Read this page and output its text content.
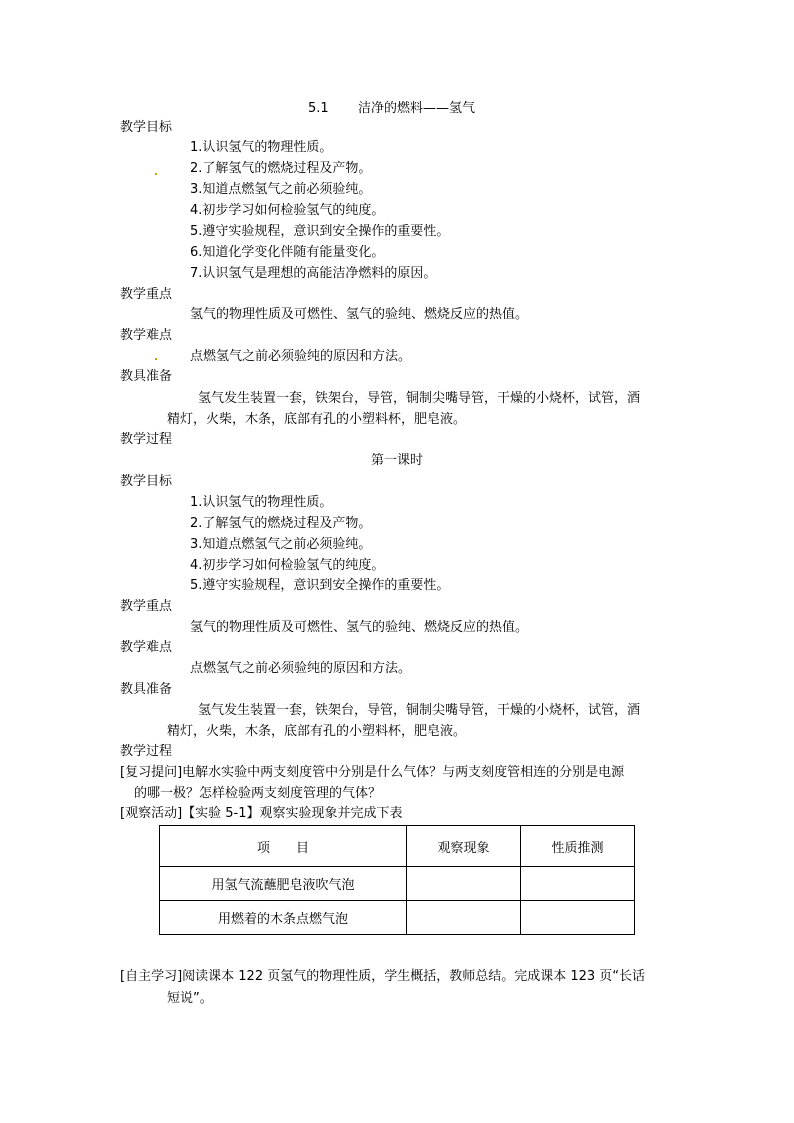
5.1 洁净的燃料——氢气
教学目标
1.认识氢气的物理性质。
2.了解氢气的燃烧过程及产物。
3.知道点燃氢气之前必须验纯。
4.初步学习如何检验氢气的纯度。
5.遵守实验规程，意识到安全操作的重要性。
6.知道化学变化伴随有能量变化。
7.认识氢气是理想的高能洁净燃料的原因。
教学重点
氢气的物理性质及可燃性、氢气的验纯、燃烧反应的热值。
教学难点
点燃氢气之前必须验纯的原因和方法。
教具准备
氢气发生装置一套，铁架台，导管，铜制尖嘴导管，干燥的小烧杯，试管，酒
精灯，火柴，木条，底部有孔的小塑料杯，肥皂液。
教学过程
第一课时
教学目标
1.认识氢气的物理性质。
2.了解氢气的燃烧过程及产物。
3.知道点燃氢气之前必须验纯。
4.初步学习如何检验氢气的纯度。
5.遵守实验规程，意识到安全操作的重要性。
教学重点
氢气的物理性质及可燃性、氢气的验纯、燃烧反应的热值。
教学难点
点燃氢气之前必须验纯的原因和方法。
教具准备
氢气发生装置一套，铁架台，导管，铜制尖嘴导管，干燥的小烧杯，试管，酒
精灯，火柴，木条，底部有孔的小塑料杯，肥皂液。
教学过程
[复习提问]电解水实验中两支刻度管中分别是什么气体？与两支刻度管相连的分别是电源
的哪一极？怎样检验两支刻度管理的气体？
[观察活动]【实验 5-1】观察实验现象并完成下表
项　　目	观察现象	性质推测
用氢气流蘸肥皂液吹气泡		
用燃着的木条点燃气泡		
[自主学习]阅读课本 122 页氢气的物理性质，学生概括，教师总结。完成课本 123 页“长话
短说”。
